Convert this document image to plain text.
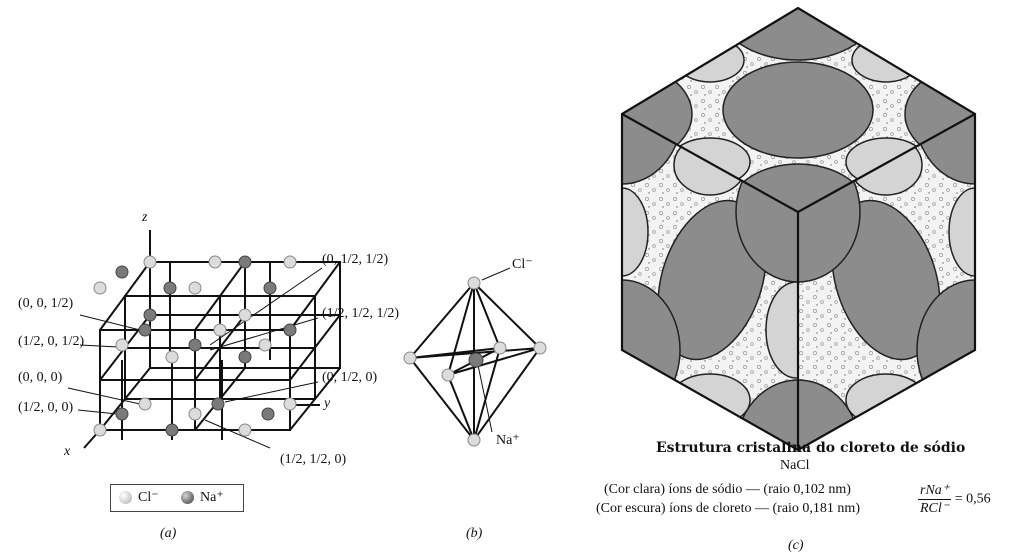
z
y
x
(0, 1/2, 1/2)
(0, 0, 1/2)
(1/2, 1/2, 1/2)
(1/2, 0, 1/2)
(0, 0, 0)	(0, 1/2, 0)
(1/2, 0, 0)
(1/2, 1/2, 0)
Cl⁻	Na⁺
(a)
Cl⁻
Na⁺
(b)
Estrutura cristalina do cloreto de sódio
NaCl
(Cor clara) íons de sódio — (raio 0,102 nm)
(Cor escura) íons de cloreto — (raio 0,181 nm)	$\frac{\text{rNa⁺}}{\text{RCl⁻}} = 0,56$
(c)
